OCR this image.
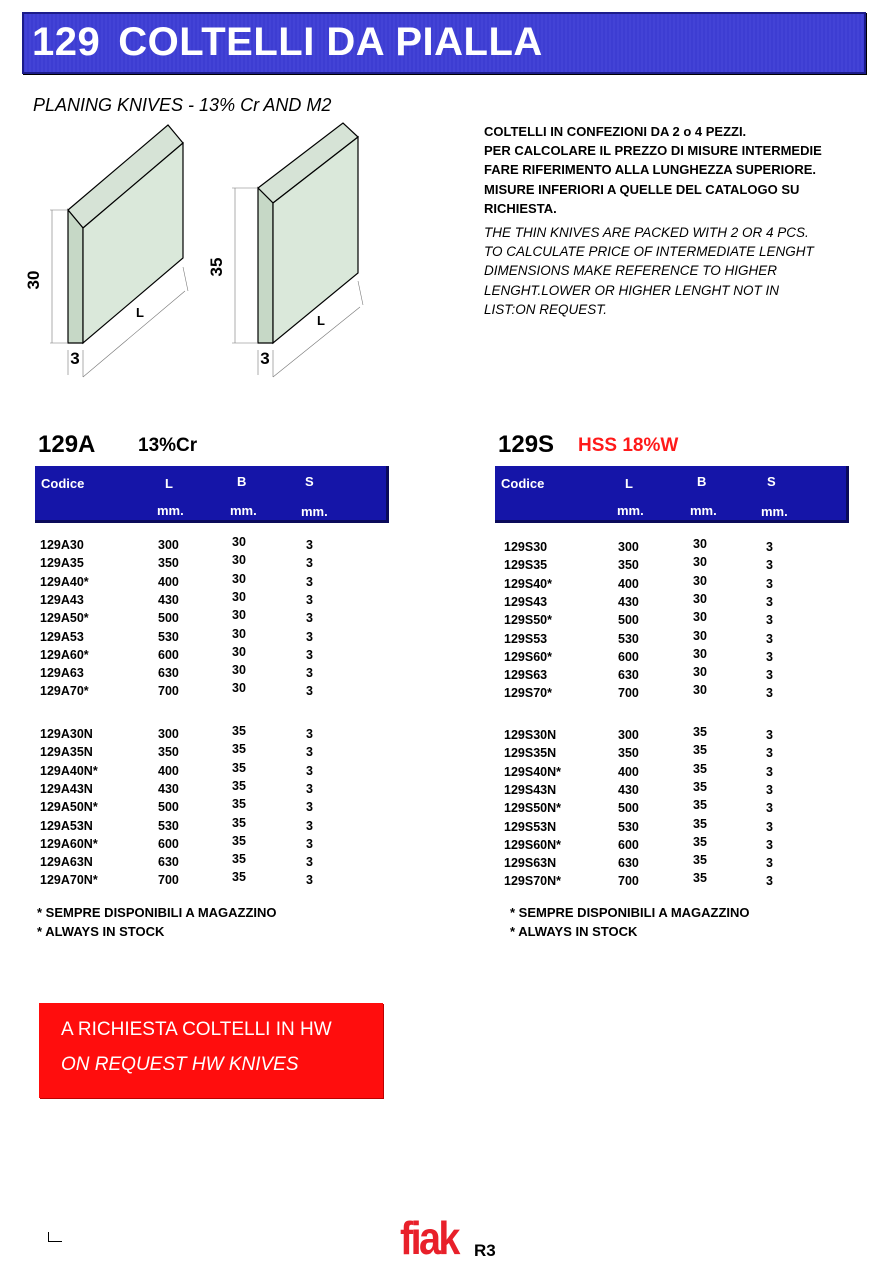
129 COLTELLI DA PIALLA
PLANING KNIVES - 13% Cr AND M2
30
3
L
35
3
L
COLTELLI IN CONFEZIONI DA 2 o 4 PEZZI.
PER CALCOLARE IL PREZZO DI MISURE INTERMEDIE
FARE RIFERIMENTO ALLA LUNGHEZZA SUPERIORE.
MISURE INFERIORI A QUELLE DEL CATALOGO SU
RICHIESTA.
THE THIN KNIVES ARE PACKED WITH 2 OR 4 PCS.
TO CALCULATE PRICE OF INTERMEDIATE LENGHT
DIMENSIONS MAKE REFERENCE TO HIGHER
LENGHT.LOWER OR HIGHER LENGHT NOT IN
LIST:ON REQUEST.
129A 13%Cr
Codice	L	B	S
mm.	mm.	mm.
129A30	300	30	3
129A35	350	30	3
129A40*	400	30	3
129A43	430	30	3
129A50*	500	30	3
129A53	530	30	3
129A60*	600	30	3
129A63	630	30	3
129A70*	700	30	3
129A30N	300	35	3
129A35N	350	35	3
129A40N*	400	35	3
129A43N	430	35	3
129A50N*	500	35	3
129A53N	530	35	3
129A60N*	600	35	3
129A63N	630	35	3
129A70N*	700	35	3
* SEMPRE DISPONIBILI A MAGAZZINO
* ALWAYS IN STOCK
129S HSS 18%W
Codice	L	B	S
mm.	mm.	mm.
129S30	300	30	3
129S35	350	30	3
129S40*	400	30	3
129S43	430	30	3
129S50*	500	30	3
129S53	530	30	3
129S60*	600	30	3
129S63	630	30	3
129S70*	700	30	3
129S30N	300	35	3
129S35N	350	35	3
129S40N*	400	35	3
129S43N	430	35	3
129S50N*	500	35	3
129S53N	530	35	3
129S60N*	600	35	3
129S63N	630	35	3
129S70N*	700	35	3
* SEMPRE DISPONIBILI A MAGAZZINO
* ALWAYS IN STOCK
A RICHIESTA COLTELLI IN HW
ON REQUEST HW KNIVES
fiak R3
